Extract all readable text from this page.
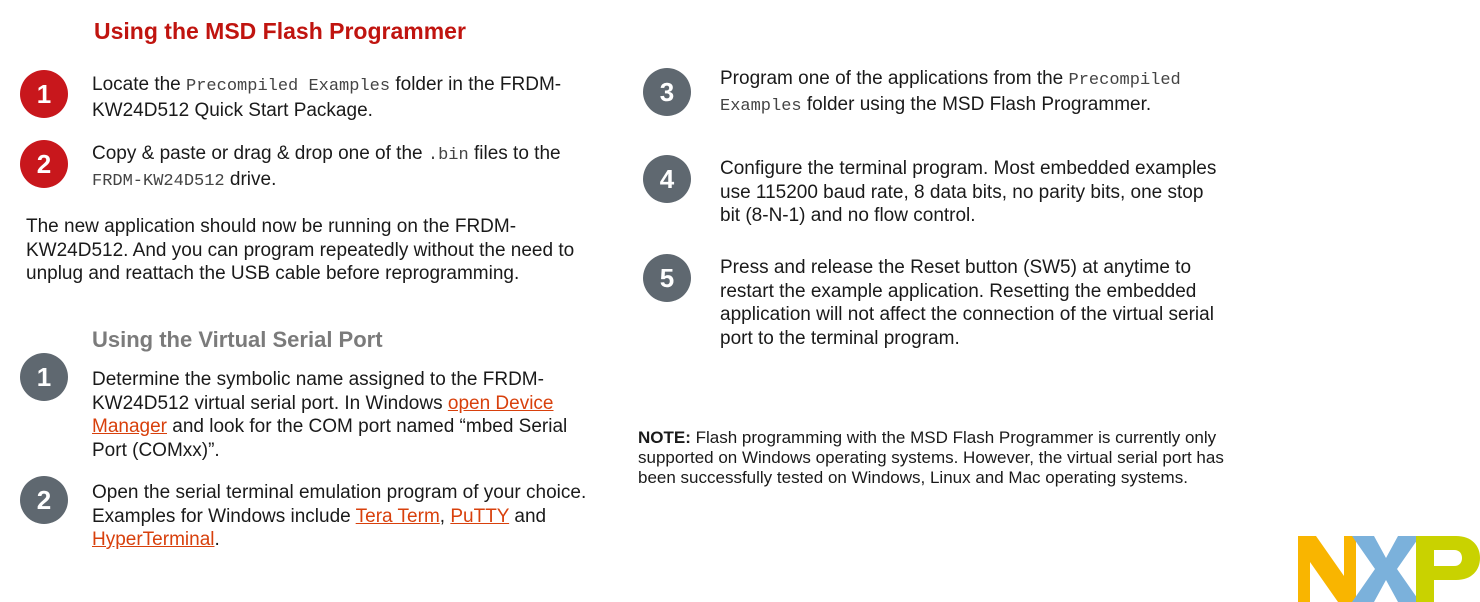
Using the MSD Flash Programmer
1 Locate the Precompiled Examples folder in the FRDM-KW24D512 Quick Start Package.
2 Copy & paste or drag & drop one of the .bin files to the FRDM-KW24D512 drive.
The new application should now be running on the FRDM-KW24D512. And you can program repeatedly without the need to unplug and reattach the USB cable before reprogramming.
Using the Virtual Serial Port
1 Determine the symbolic name assigned to the FRDM-KW24D512 virtual serial port. In Windows open Device Manager and look for the COM port named “mbed Serial Port (COMxx)”.
2 Open the serial terminal emulation program of your choice. Examples for Windows include Tera Term, PuTTY and HyperTerminal.
3 Program one of the applications from the Precompiled Examples folder using the MSD Flash Programmer.
4 Configure the terminal program. Most embedded examples use 115200 baud rate, 8 data bits, no parity bits, one stop bit (8-N-1) and no flow control.
5 Press and release the Reset button (SW5) at anytime to restart the example application. Resetting the embedded application will not affect the connection of the virtual serial port to the terminal program.
NOTE: Flash programming with the MSD Flash Programmer is currently only supported on Windows operating systems. However, the virtual serial port has been successfully tested on Windows, Linux and Mac operating systems.
